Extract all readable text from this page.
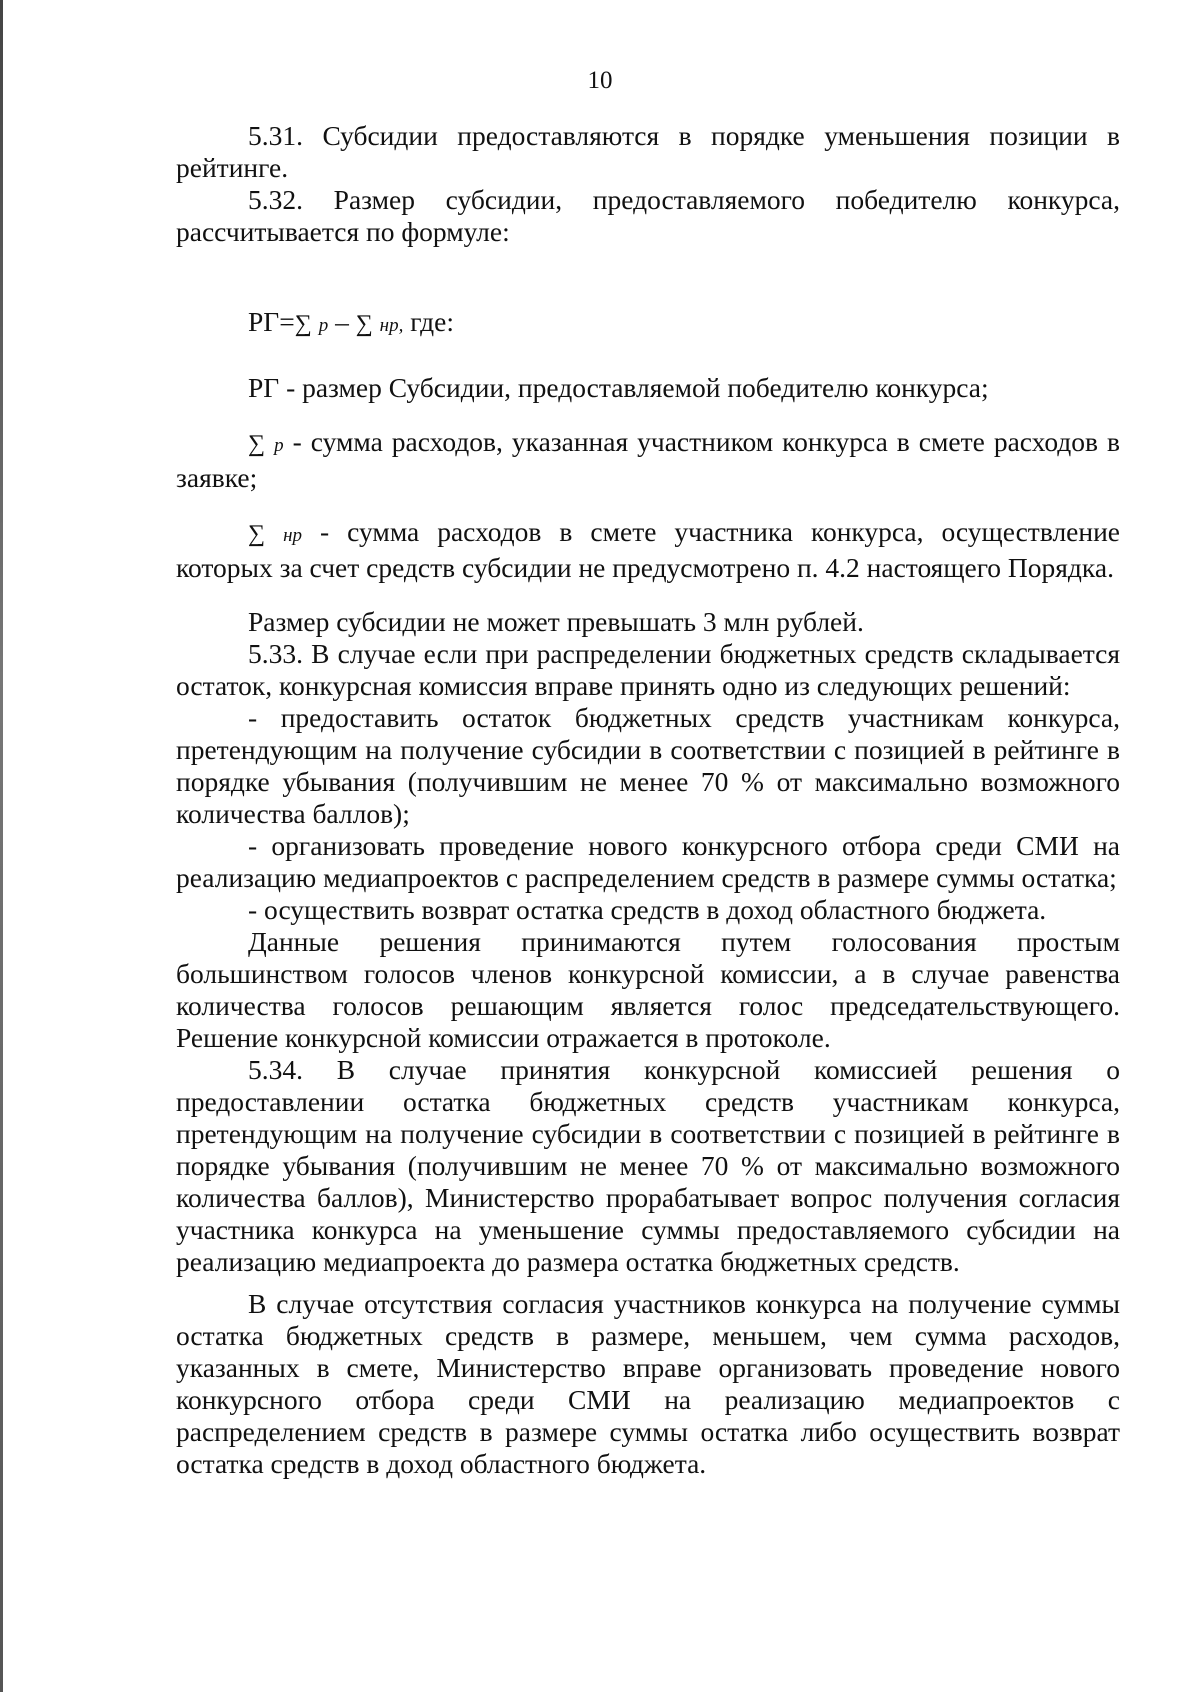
10

5.31. Субсидии предоставляются в порядке уменьшения позиции в рейтинге.

5.32. Размер субсидии, предоставляемого победителю конкурса, рассчитывается по формуле:

РГ=∑ p – ∑ нр, где:

РГ - размер Субсидии, предоставляемой победителю конкурса;

∑ р - сумма расходов, указанная участником конкурса в смете расходов в заявке;

∑ нр - сумма расходов в смете участника конкурса, осуществление которых за счет средств субсидии не предусмотрено п. 4.2 настоящего Порядка.

Размер субсидии не может превышать 3 млн рублей.

5.33. В случае если при распределении бюджетных средств складывается остаток, конкурсная комиссия вправе принять одно из следующих решений:

- предоставить остаток бюджетных средств участникам конкурса, претендующим на получение субсидии в соответствии с позицией в рейтинге в порядке убывания (получившим не менее 70 % от максимально возможного количества баллов);

- организовать проведение нового конкурсного отбора среди СМИ на реализацию медиапроектов с распределением средств в размере суммы остатка;

- осуществить возврат остатка средств в доход областного бюджета.

Данные решения принимаются путем голосования простым большинством голосов членов конкурсной комиссии, а в случае равенства количества голосов решающим является голос председательствующего. Решение конкурсной комиссии отражается в протоколе.

5.34. В случае принятия конкурсной комиссией решения о предоставлении остатка бюджетных средств участникам конкурса, претендующим на получение субсидии в соответствии с позицией в рейтинге в порядке убывания (получившим не менее 70 % от максимально возможного количества баллов), Министерство прорабатывает вопрос получения согласия участника конкурса на уменьшение суммы предоставляемого субсидии на реализацию медиапроекта до размера остатка бюджетных средств.

В случае отсутствия согласия участников конкурса на получение суммы остатка бюджетных средств в размере, меньшем, чем сумма расходов, указанных в смете, Министерство вправе организовать проведение нового конкурсного отбора среди СМИ на реализацию медиапроектов с распределением средств в размере суммы остатка либо осуществить возврат остатка средств в доход областного бюджета.
